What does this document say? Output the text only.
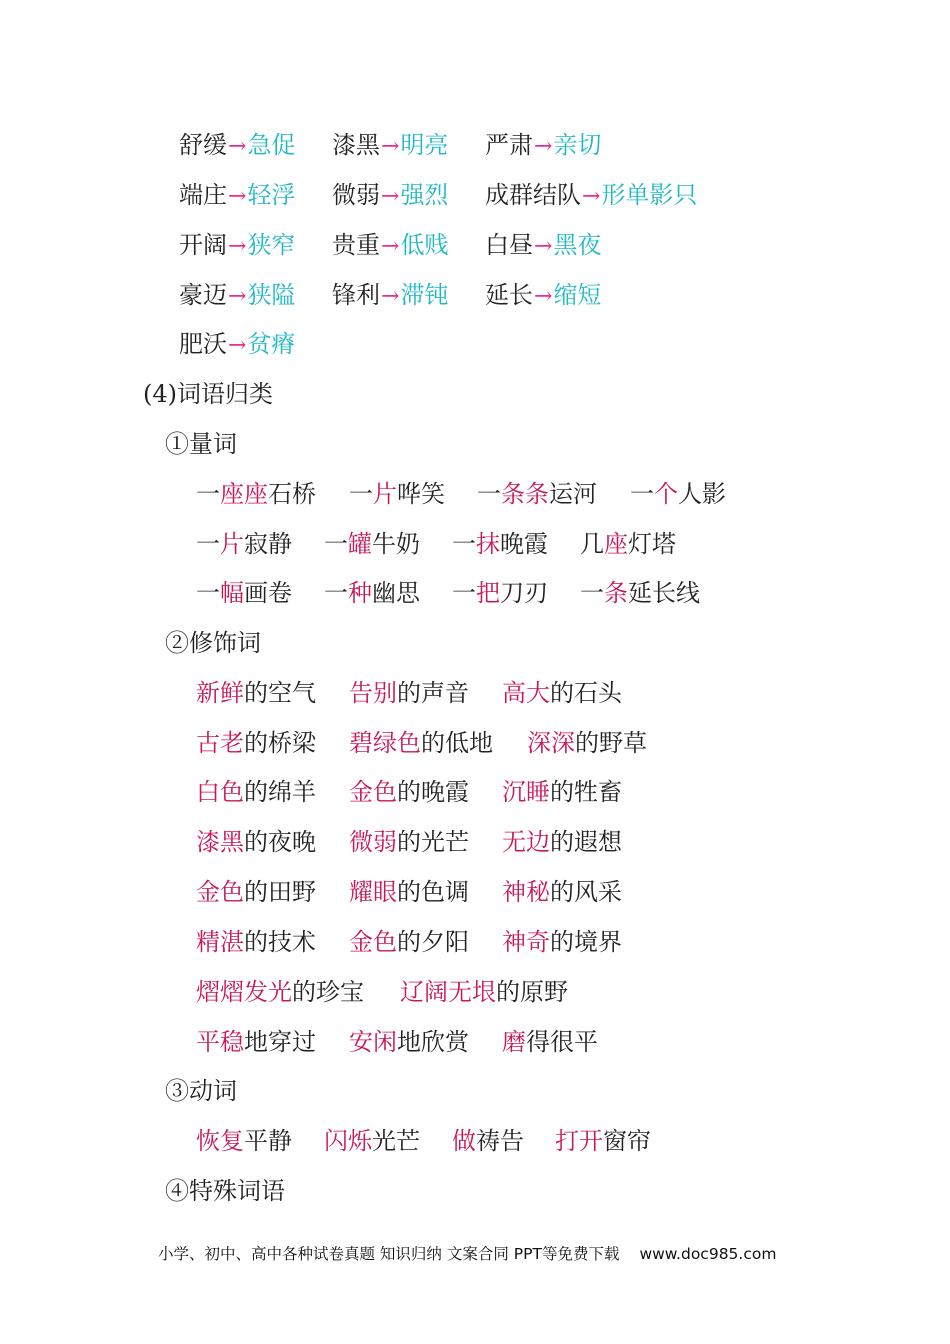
舒缓→急促 漆黑→明亮 严肃→亲切
端庄→轻浮 微弱→强烈 成群结队→形单影只
开阔→狭窄 贵重→低贱 白昼→黑夜
豪迈→狭隘 锋利→滞钝 延长→缩短
肥沃→贫瘠
(4)词语归类
①量词
一座座石桥 一片哗笑 一条条运河 一个人影
一片寂静 一罐牛奶 一抹晚霞 几座灯塔
一幅画卷 一种幽思 一把刀刃 一条延长线
②修饰词
新鲜的空气 告别的声音 高大的石头
古老的桥梁 碧绿色的低地 深深的野草
白色的绵羊 金色的晚霞 沉睡的牲畜
漆黑的夜晚 微弱的光芒 无边的遐想
金色的田野 耀眼的色调 神秘的风采
精湛的技术 金色的夕阳 神奇的境界
熠熠发光的珍宝 辽阔无垠的原野
平稳地穿过 安闲地欣赏 磨得很平
③动词
恢复平静 闪烁光芒 做祷告 打开窗帘
④特殊词语
小学、初中、高中各种试卷真题 知识归纳 文案合同 PPT等免费下载 www.doc985.com
